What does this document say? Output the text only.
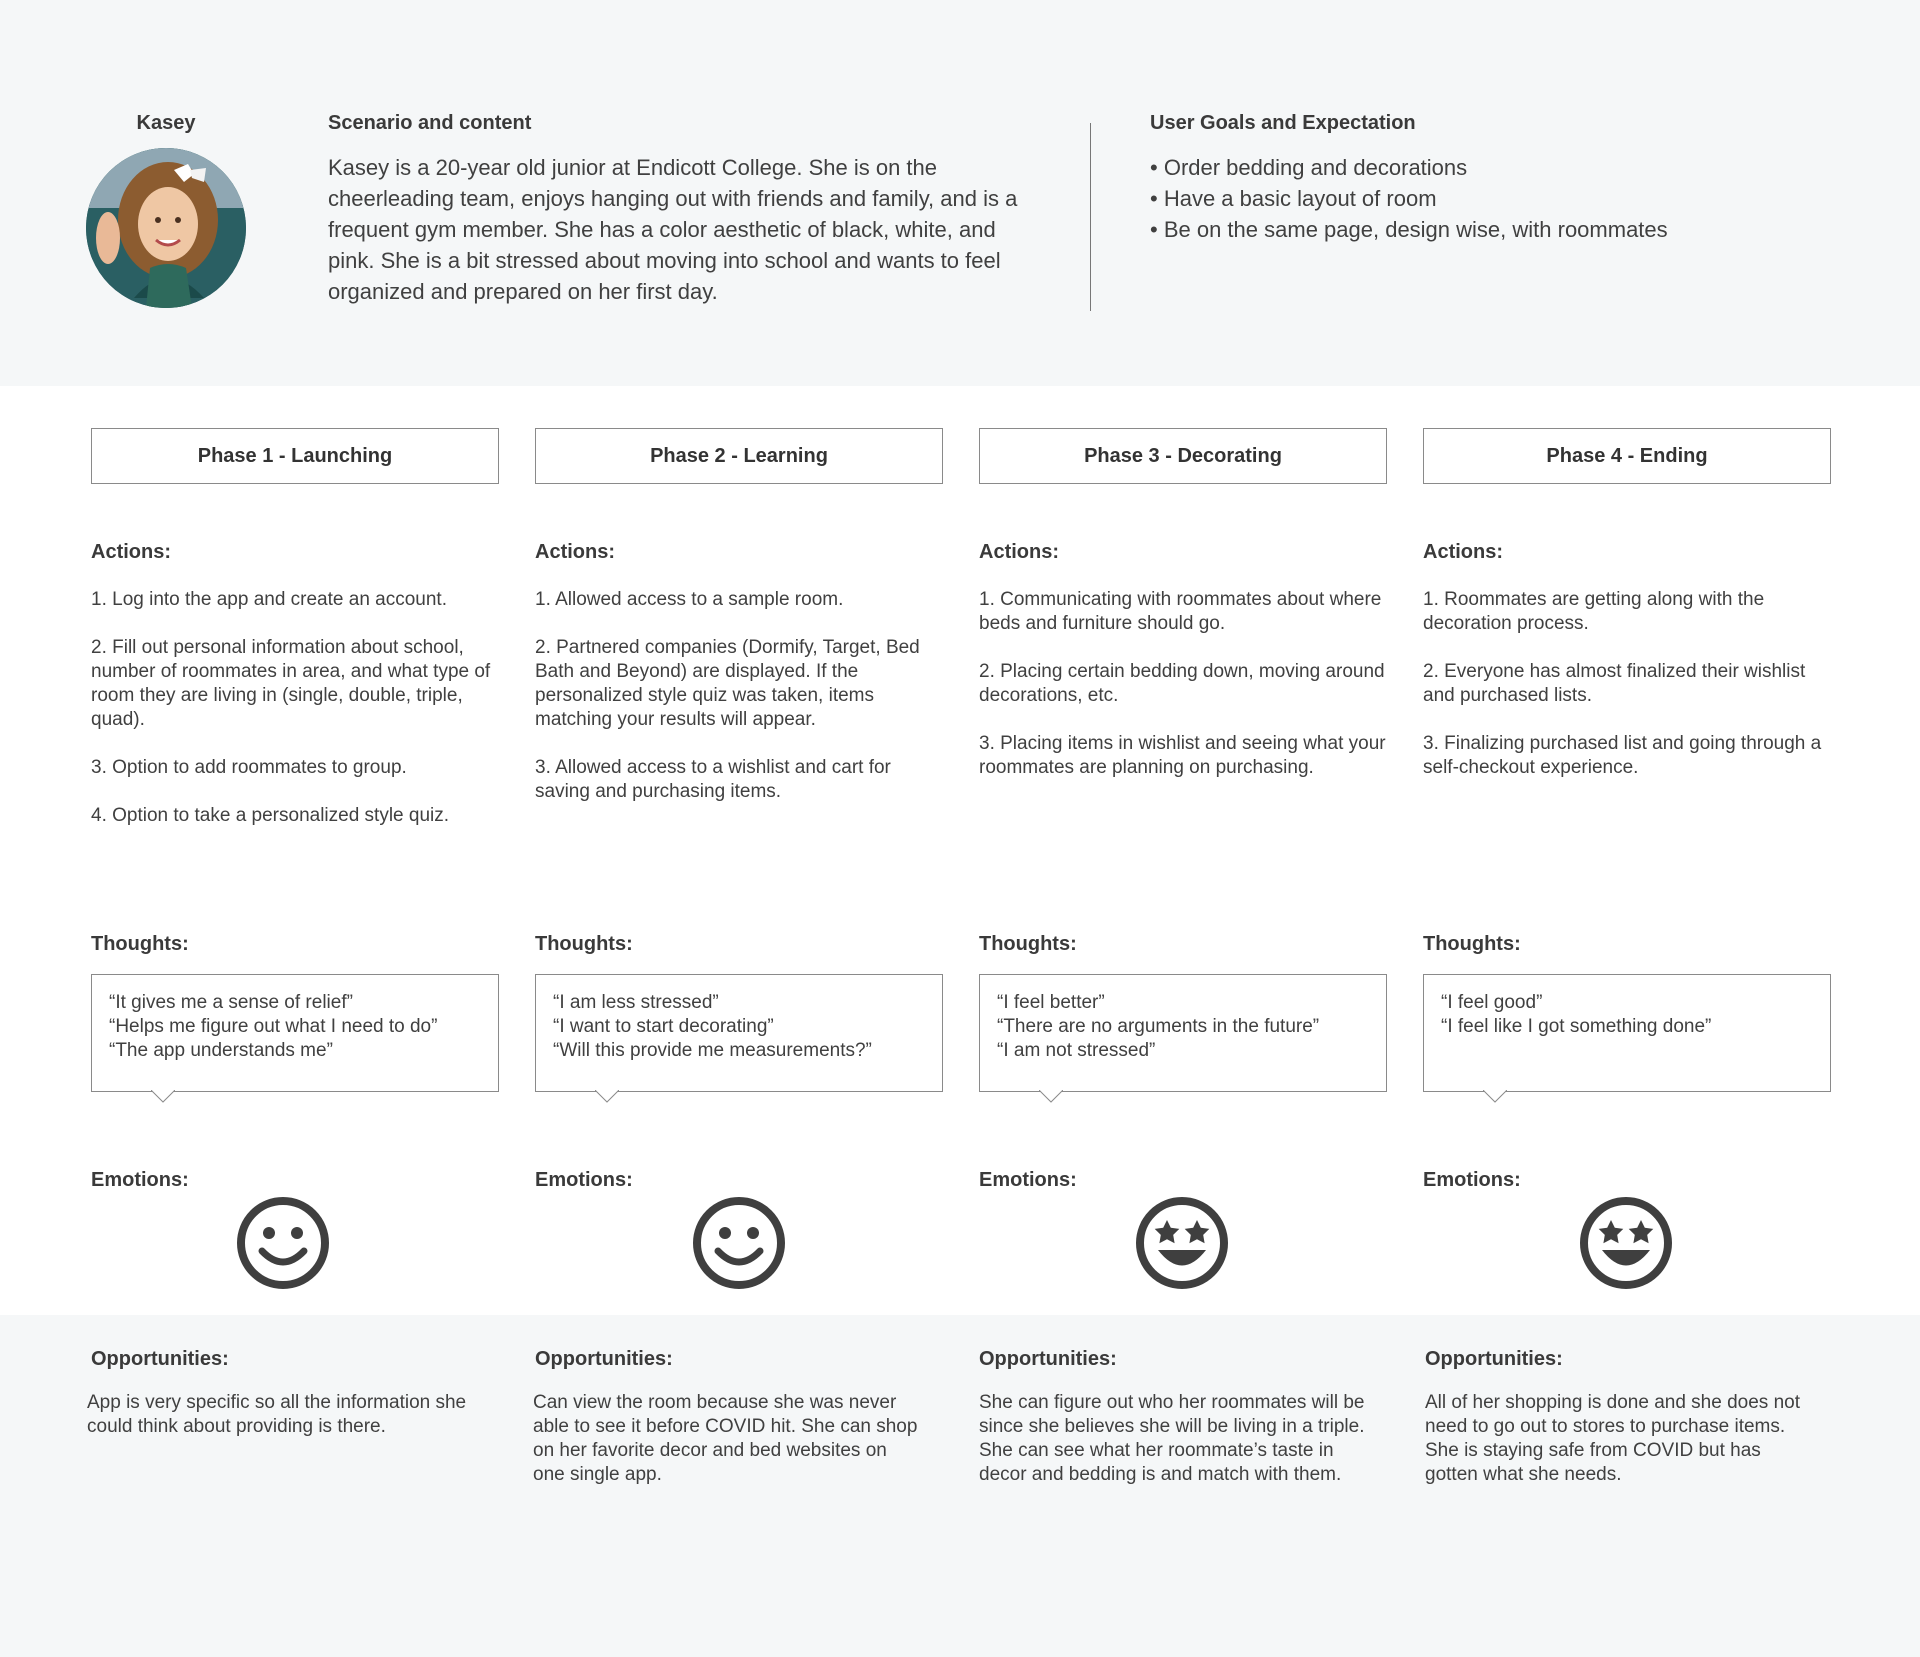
Kasey	Scenario and content

Kasey is a 20-year old junior at Endicott College. She is on the cheerleading team, enjoys hanging out with friends and family, and is a frequent gym member. She has a color aesthetic of black, white, and pink. She is a bit stressed about moving into school and wants to feel organized and prepared on her first day.

User Goals and Expectation
• Order bedding and decorations
• Have a basic layout of room
• Be on the same page, design wise, with roommates
Phase 1 - Launching
Actions:
1. Log into the app and create an account.
2. Fill out personal information about school, number of roommates in area, and what type of room they are living in (single, double, triple, quad).
3. Option to add roommates to group.
4. Option to take a personalized style quiz.
Thoughts:
“It gives me a sense of relief”
“Helps me figure out what I need to do”
“The app understands me”
Emotions:
Opportunities:

App is very specific so all the information she could think about providing is there.

Phase 2 - Learning
Actions:
1. Allowed access to a sample room.
2. Partnered companies (Dormify, Target, Bed Bath and Beyond) are displayed. If the personalized style quiz was taken, items matching your results will appear.
3. Allowed access to a wishlist and cart for saving and purchasing items.
Thoughts:
“I am less stressed”
“I want to start decorating”
“Will this provide me measurements?”
Emotions:
Opportunities:

Can view the room because she was never able to see it before COVID hit. She can shop on her favorite decor and bed websites on one single app.

Phase 3 - Decorating
Actions:
1. Communicating with roommates about where beds and furniture should go.
2. Placing certain bedding down, moving around decorations, etc.
3. Placing items in wishlist and seeing what your roommates are planning on purchasing.
Thoughts:
“I feel better”
“There are no arguments in the future”
“I am not stressed”
Emotions:
Opportunities:

She can figure out who her roommates will be since she believes she will be living in a triple. She can see what her roommate’s taste in decor and bedding is and match with them.

Phase 4 - Ending
Actions:
1. Roommates are getting along with the decoration process.
2. Everyone has almost finalized their wishlist and purchased lists.
3. Finalizing purchased list and going through a self-checkout experience.
Thoughts:
“I feel good”
“I feel like I got something done”
Emotions:
Opportunities:

All of her shopping is done and she does not need to go out to stores to purchase items. She is staying safe from COVID but has gotten what she needs.
